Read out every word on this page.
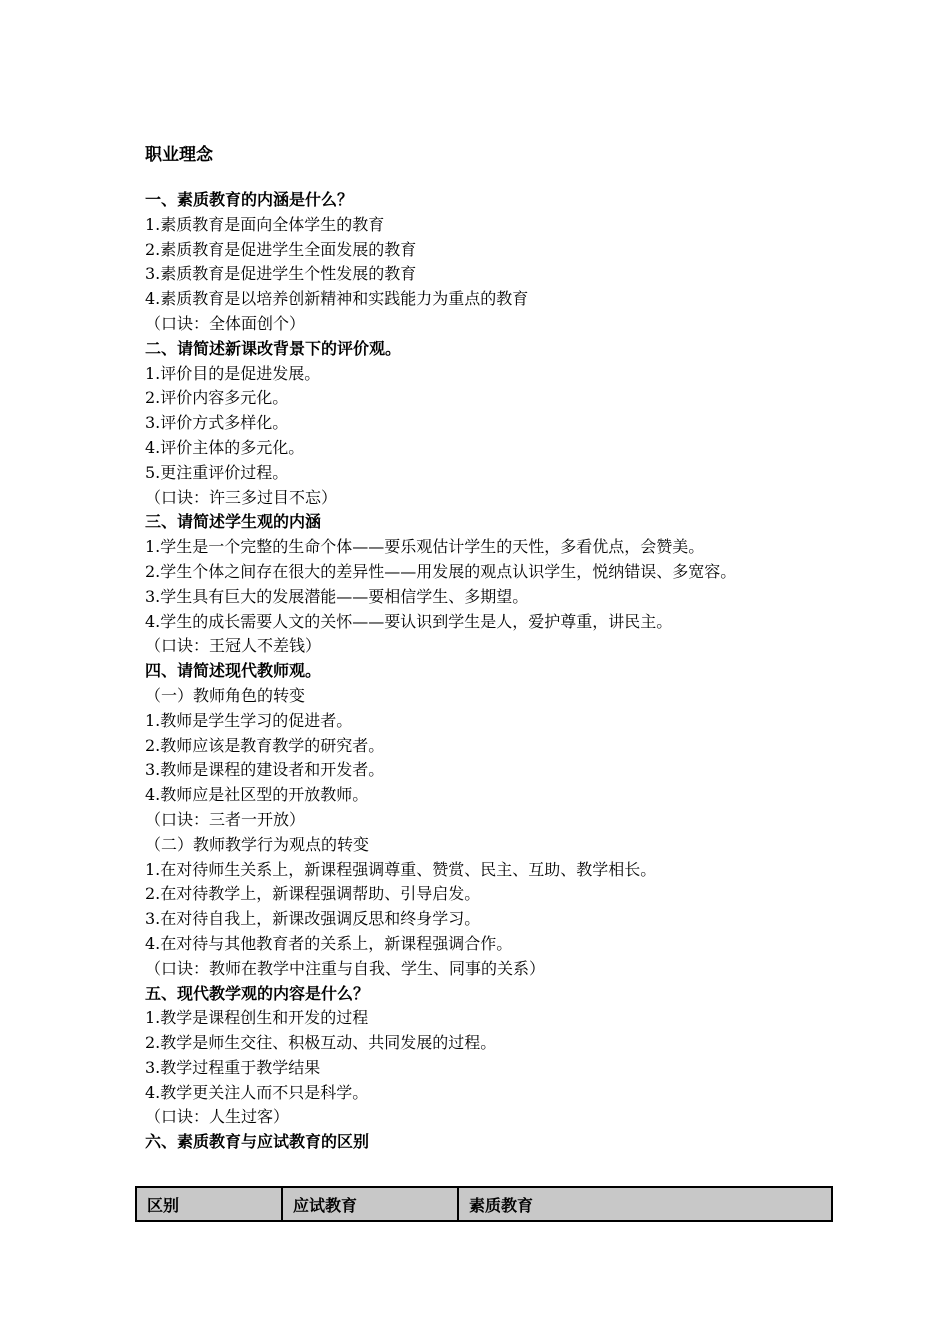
职业理念
一、素质教育的内涵是什么？
1.素质教育是面向全体学生的教育
2.素质教育是促进学生全面发展的教育
3.素质教育是促进学生个性发展的教育
4.素质教育是以培养创新精神和实践能力为重点的教育
（口诀：全体面创个）
二、请简述新课改背景下的评价观。
1.评价目的是促进发展。
2.评价内容多元化。
3.评价方式多样化。
4.评价主体的多元化。
5.更注重评价过程。
（口诀：许三多过目不忘）
三、请简述学生观的内涵
1.学生是一个完整的生命个体——要乐观估计学生的天性，多看优点，会赞美。
2.学生个体之间存在很大的差异性——用发展的观点认识学生，悦纳错误、多宽容。
3.学生具有巨大的发展潜能——要相信学生、多期望。
4.学生的成长需要人文的关怀——要认识到学生是人，爱护尊重，讲民主。
（口诀：王冠人不差钱）
四、请简述现代教师观。
（一）教师角色的转变
1.教师是学生学习的促进者。
2.教师应该是教育教学的研究者。
3.教师是课程的建设者和开发者。
4.教师应是社区型的开放教师。
（口诀：三者一开放）
（二）教师教学行为观点的转变
1.在对待师生关系上，新课程强调尊重、赞赏、民主、互助、教学相长。
2.在对待教学上，新课程强调帮助、引导启发。
3.在对待自我上，新课改强调反思和终身学习。
4.在对待与其他教育者的关系上，新课程强调合作。
（口诀：教师在教学中注重与自我、学生、同事的关系）
五、现代教学观的内容是什么？
1.教学是课程创生和开发的过程
2.教学是师生交往、积极互动、共同发展的过程。
3.教学过程重于教学结果
4.教学更关注人而不只是科学。
（口诀：人生过客）
六、素质教育与应试教育的区别
区别	应试教育	素质教育
